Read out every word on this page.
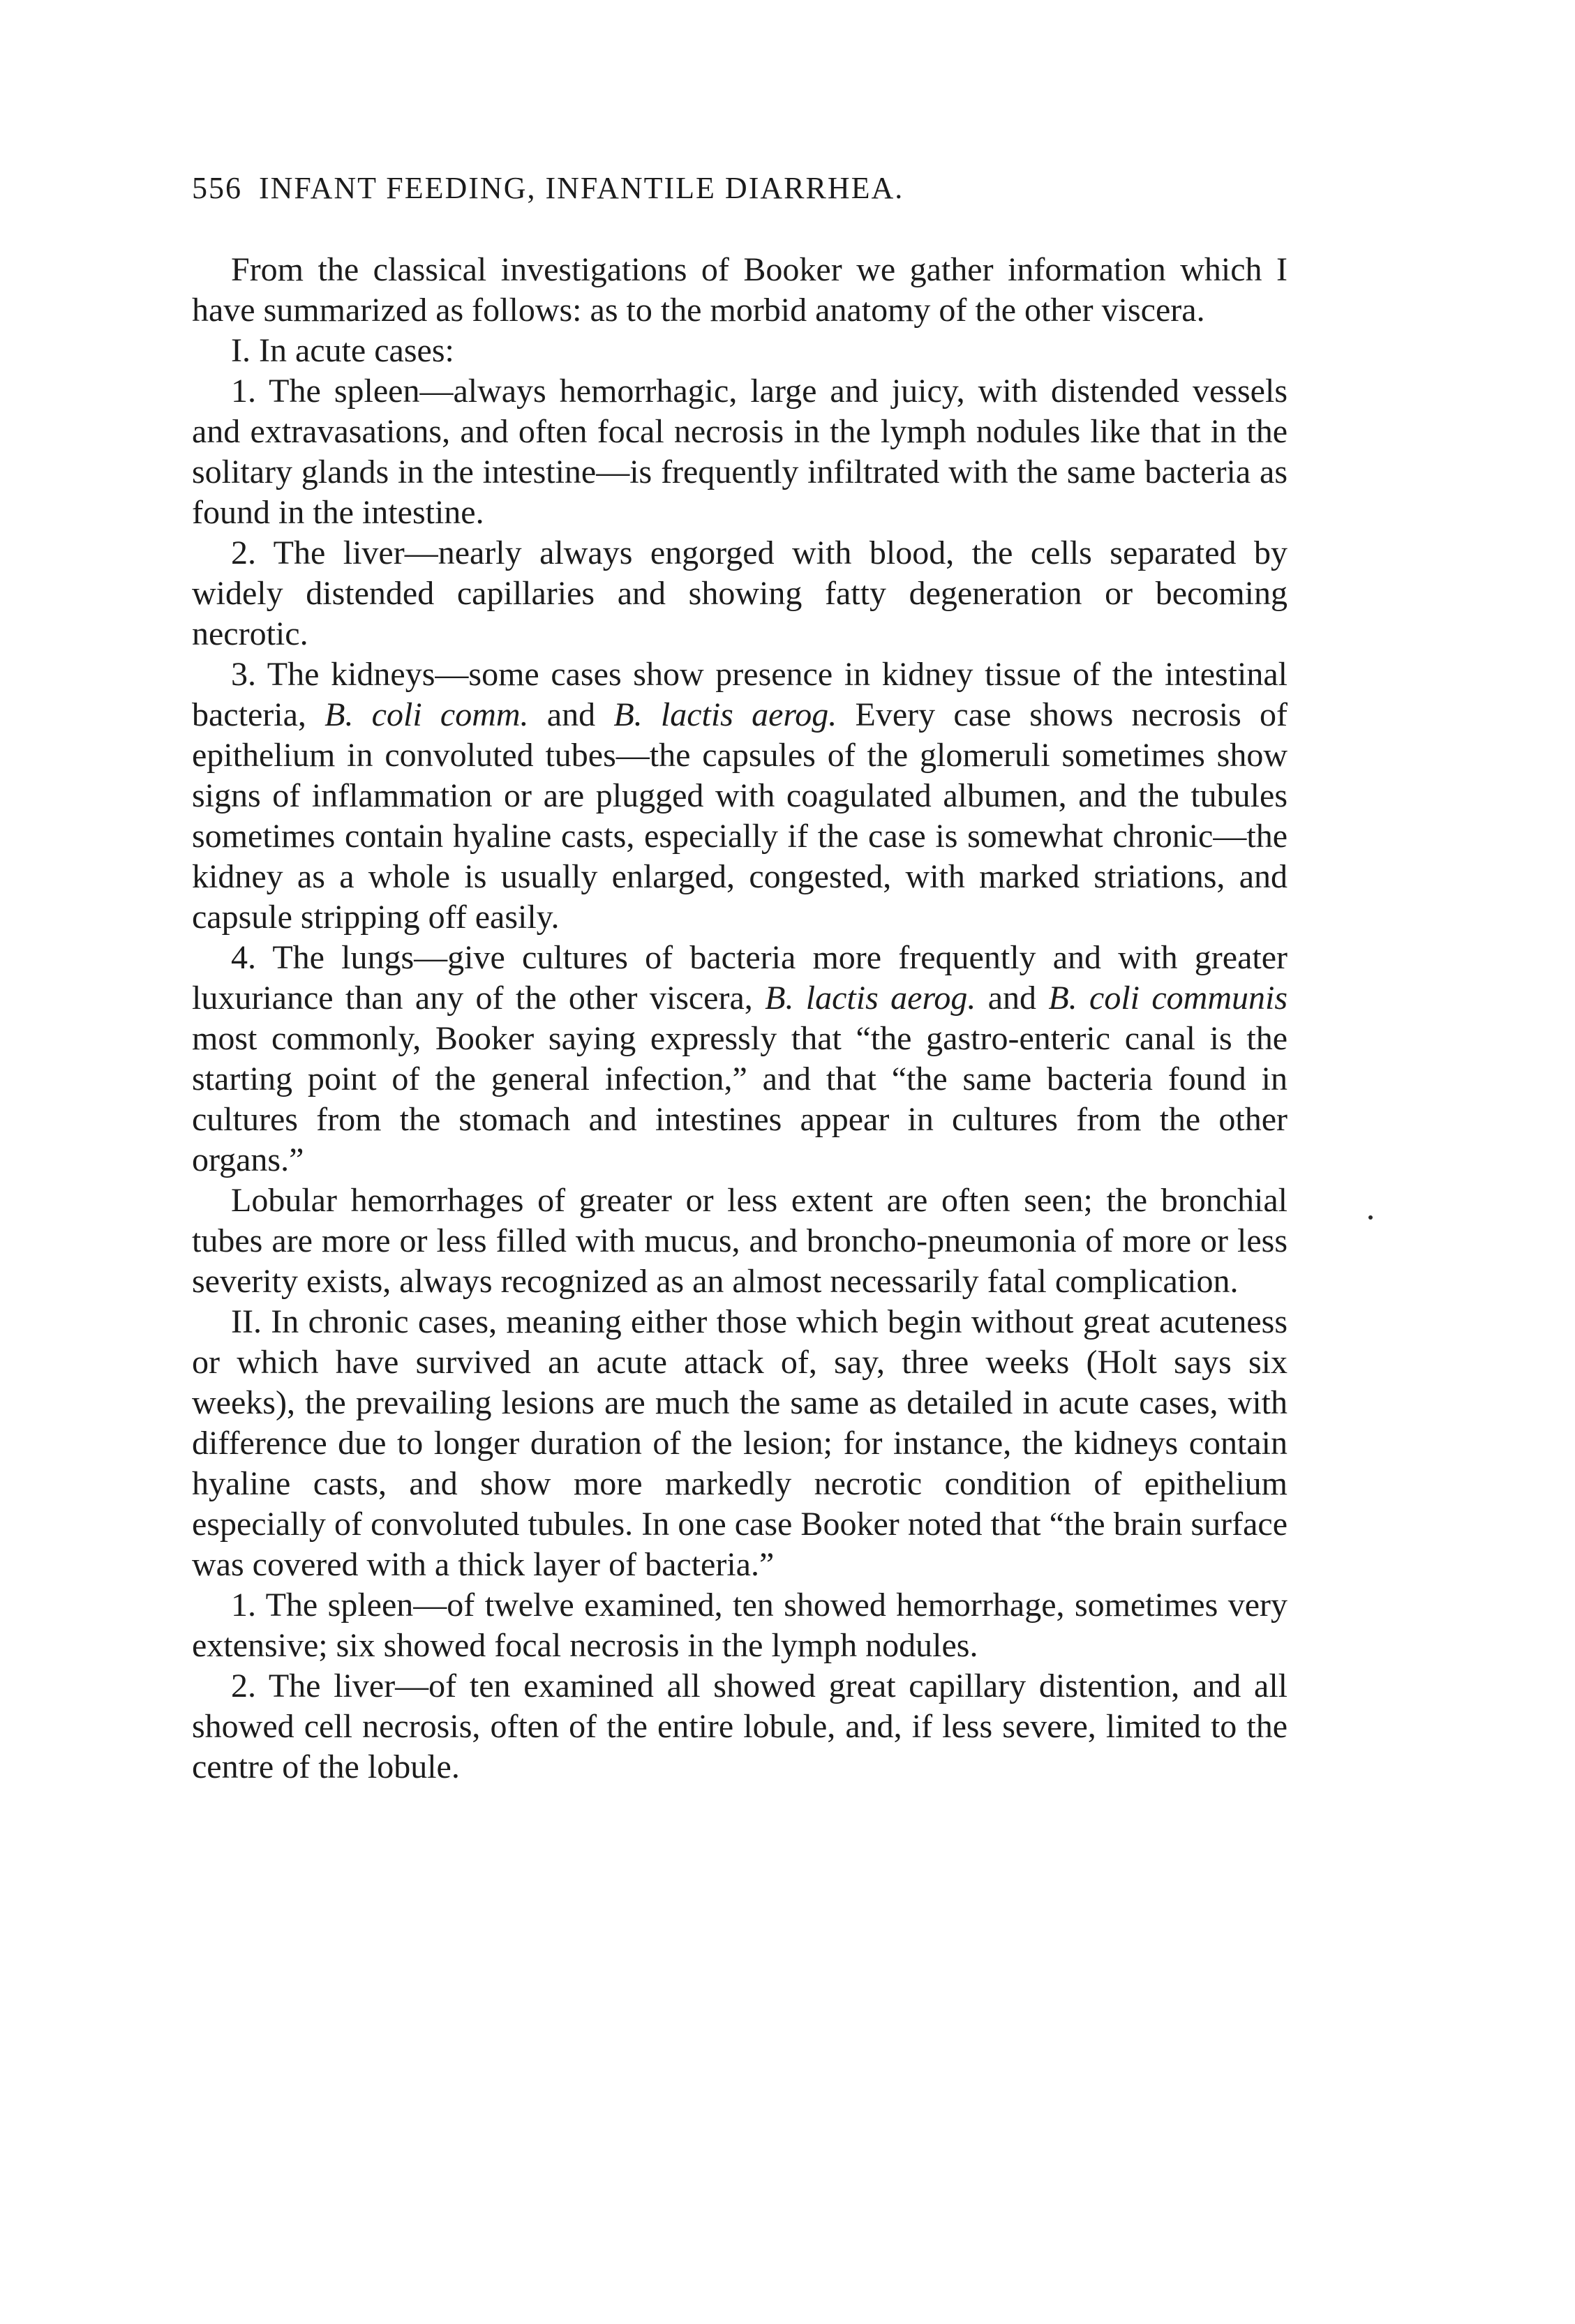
556 INFANT FEEDING, INFANTILE DIARRHEA.

From the classical investigations of Booker we gather information which I have summarized as follows: as to the morbid anatomy of the other viscera.

I. In acute cases:

1. The spleen—always hemorrhagic, large and juicy, with distended vessels and extravasations, and often focal necrosis in the lymph nodules like that in the solitary glands in the intestine—is frequently infiltrated with the same bacteria as found in the intestine.

2. The liver—nearly always engorged with blood, the cells separated by widely distended capillaries and showing fatty degeneration or becoming necrotic.

3. The kidneys—some cases show presence in kidney tissue of the intestinal bacteria, B. coli comm. and B. lactis aerog. Every case shows necrosis of epithelium in convoluted tubes—the capsules of the glomeruli sometimes show signs of inflammation or are plugged with coagulated albumen, and the tubules sometimes contain hyaline casts, especially if the case is somewhat chronic—the kidney as a whole is usually enlarged, congested, with marked striations, and capsule stripping off easily.

4. The lungs—give cultures of bacteria more frequently and with greater luxuriance than any of the other viscera, B. lactis aerog. and B. coli communis most commonly, Booker saying expressly that “the gastro-enteric canal is the starting point of the general infection,” and that “the same bacteria found in cultures from the stomach and intestines appear in cultures from the other organs.”

Lobular hemorrhages of greater or less extent are often seen; the bronchial tubes are more or less filled with mucus, and broncho-pneumonia of more or less severity exists, always recognized as an almost necessarily fatal complication.

II. In chronic cases, meaning either those which begin without great acuteness or which have survived an acute attack of, say, three weeks (Holt says six weeks), the prevailing lesions are much the same as detailed in acute cases, with difference due to longer duration of the lesion; for instance, the kidneys contain hyaline casts, and show more markedly necrotic condition of epithelium especially of convoluted tubules. In one case Booker noted that “the brain surface was covered with a thick layer of bacteria.”

1. The spleen—of twelve examined, ten showed hemorrhage, sometimes very extensive; six showed focal necrosis in the lymph nodules.

2. The liver—of ten examined all showed great capillary distention, and all showed cell necrosis, often of the entire lobule, and, if less severe, limited to the centre of the lobule.
